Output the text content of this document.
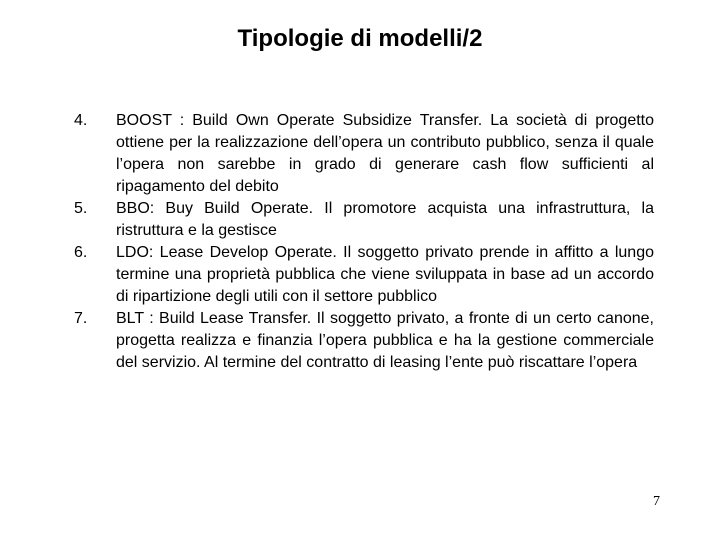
Tipologie di modelli/2
4.	BOOST : Build Own Operate Subsidize Transfer. La società di progetto ottiene per la realizzazione dell’opera un contributo pubblico, senza il quale l’opera non sarebbe in grado di generare cash flow sufficienti al ripagamento del debito
5.	BBO: Buy Build Operate. Il promotore acquista una infrastruttura, la ristruttura e la gestisce
6.	LDO: Lease Develop Operate. Il soggetto privato prende in affitto a lungo termine una proprietà pubblica che viene sviluppata in base ad un accordo di ripartizione degli utili con il settore pubblico
7.	BLT : Build Lease Transfer. Il soggetto privato, a fronte di un certo canone, progetta realizza e finanzia l’opera pubblica e ha la gestione commerciale del servizio. Al termine del contratto di leasing l’ente può riscattare l’opera
7
